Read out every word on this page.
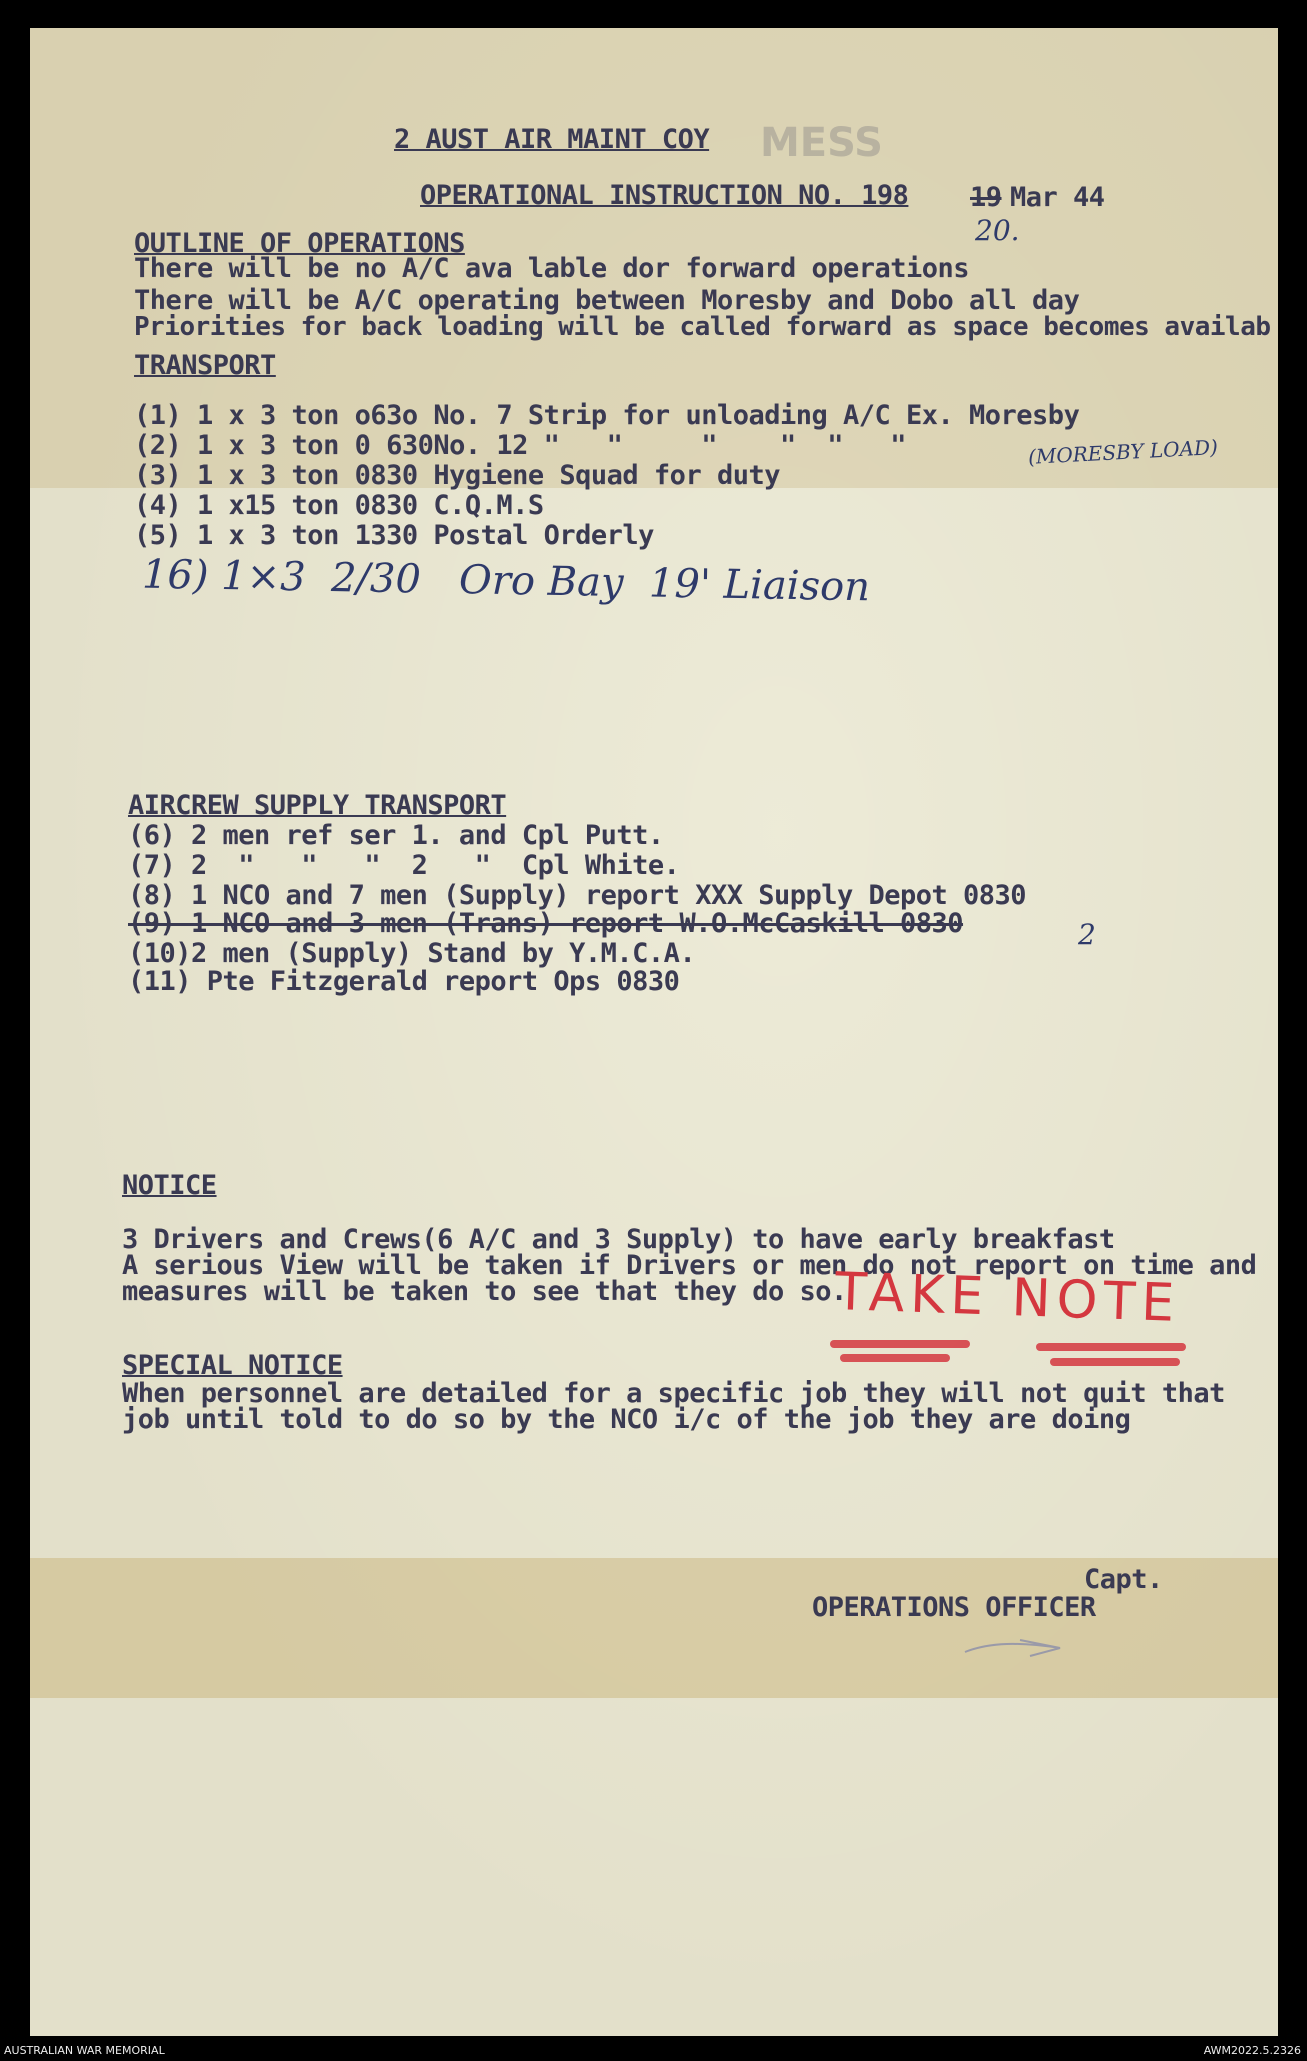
MESS
2 AUST AIR MAINT COY
OPERATIONAL INSTRUCTION NO. 198 19 Mar 44
20.
OUTLINE OF OPERATIONS
There will be no A/C ava lable dor forward operations
There will be A/C operating between Moresby and Dobo all day
Priorities for back loading will be called forward as space becomes availab
TRANSPORT
(1) 1 x 3 ton o63o No. 7 Strip for unloading A/C Ex. Moresby
(2) 1 x 3 ton 0 630No. 12 "   "     "    "  "   "	(MORESBY LOAD)
(3) 1 x 3 ton 0830 Hygiene Squad for duty
(4) 1 x15 ton 0830 C.Q.M.S
(5) 1 x 3 ton 1330 Postal Orderly
16) 1×3  2/30   Oro Bay  19' Liaison
AIRCREW SUPPLY TRANSPORT
(6) 2 men ref ser 1. and Cpl Putt.
(7) 2  "   "   "  2   "  Cpl White.
(8) 1 NCO and 7 men (Supply) report XXX Supply Depot 0830
(9) 1 NCO and 3 men (Trans) report W.O.McCaskill 0830
(10)2 men (Supply) Stand by Y.M.C.A.
(11) Pte Fitzgerald report Ops 0830
2
NOTICE
3 Drivers and Crews(6 A/C and 3 Supply) to have early breakfast
A serious View will be taken if Drivers or men do not report on time and
measures will be taken to see that they do so.
TAKE NOTE
SPECIAL NOTICE
When personnel are detailed for a specific job they will not quit that
job until told to do so by the NCO i/c of the job they are doing
Capt.
OPERATIONS OFFICER
AUSTRALIAN WAR MEMORIAL	AWM2022.5.2326
